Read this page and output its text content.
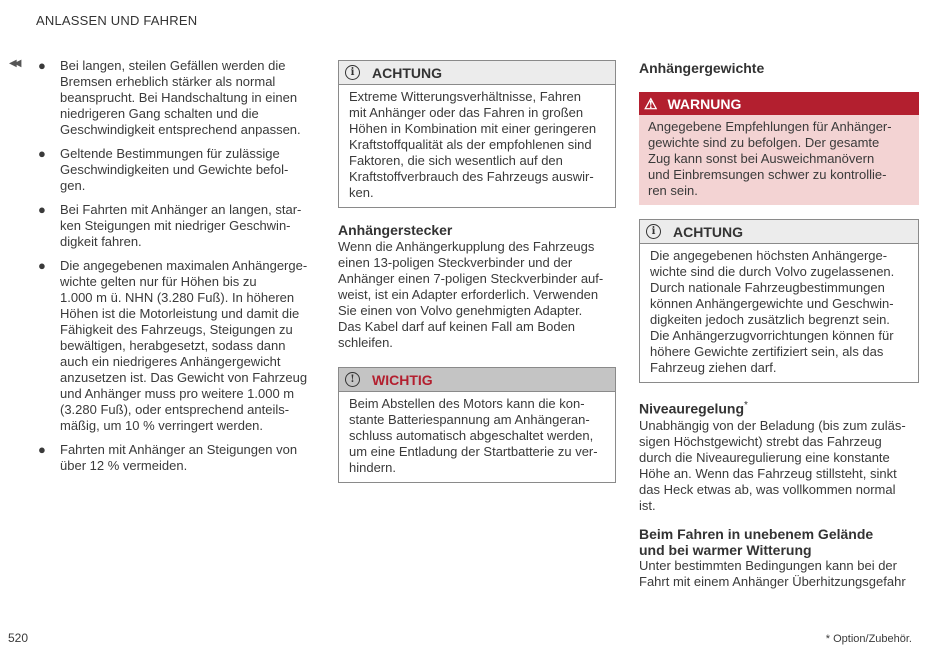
ANLASSEN UND FAHREN
◀◀ ●	Bei langen, steilen Gefällen werden die
Bremsen erheblich stärker als normal
beansprucht. Bei Handschaltung in einen
niedrigeren Gang schalten und die
Geschwindigkeit entsprechend anpassen.
●	Geltende Bestimmungen für zulässige
Geschwindigkeiten und Gewichte befol-
gen.
●	Bei Fahrten mit Anhänger an langen, star-
ken Steigungen mit niedriger Geschwin-
digkeit fahren.
●	Die angegebenen maximalen Anhängerge-
wichte gelten nur für Höhen bis zu
1.000 m ü. NHN (3.280 Fuß). In höheren
Höhen ist die Motorleistung und damit die
Fähigkeit des Fahrzeugs, Steigungen zu
bewältigen, herabgesetzt, sodass dann
auch ein niedrigeres Anhängergewicht
anzusetzen ist. Das Gewicht von Fahrzeug
und Anhänger muss pro weitere 1.000 m
(3.280 Fuß), oder entsprechend anteils-
mäßig, um 10 % verringert werden.
●	Fahrten mit Anhänger an Steigungen von
über 12 % vermeiden.
i	ACHTUNG
Extreme Witterungsverhältnisse, Fahren
mit Anhänger oder das Fahren in großen
Höhen in Kombination mit einer geringeren
Kraftstoffqualität als der empfohlenen sind
Faktoren, die sich wesentlich auf den
Kraftstoffverbrauch des Fahrzeugs auswir-
ken.
Anhängerstecker
Wenn die Anhängerkupplung des Fahrzeugs
einen 13-poligen Steckverbinder und der
Anhänger einen 7-poligen Steckverbinder auf-
weist, ist ein Adapter erforderlich. Verwenden
Sie einen von Volvo genehmigten Adapter.
Das Kabel darf auf keinen Fall am Boden
schleifen.
!	WICHTIG
Beim Abstellen des Motors kann die kon-
stante Batteriespannung am Anhängeran-
schluss automatisch abgeschaltet werden,
um eine Entladung der Startbatterie zu ver-
hindern.
Anhängergewichte
⚠ WARNUNG
Angegebene Empfehlungen für Anhänger-
gewichte sind zu befolgen. Der gesamte
Zug kann sonst bei Ausweichmanövern
und Einbremsungen schwer zu kontrollie-
ren sein.
i	ACHTUNG
Die angegebenen höchsten Anhängerge-
wichte sind die durch Volvo zugelassenen.
Durch nationale Fahrzeugbestimmungen
können Anhängergewichte und Geschwin-
digkeiten jedoch zusätzlich begrenzt sein.
Die Anhängerzugvorrichtungen können für
höhere Gewichte zertifiziert sein, als das
Fahrzeug ziehen darf.
Niveauregelung*
Unabhängig von der Beladung (bis zum zuläs-
sigen Höchstgewicht) strebt das Fahrzeug
durch die Niveauregulierung eine konstante
Höhe an. Wenn das Fahrzeug stillsteht, sinkt
das Heck etwas ab, was vollkommen normal
ist.
Beim Fahren in unebenem Gelände
und bei warmer Witterung
Unter bestimmten Bedingungen kann bei der
Fahrt mit einem Anhänger Überhitzungsgefahr
520	* Option/Zubehör.
